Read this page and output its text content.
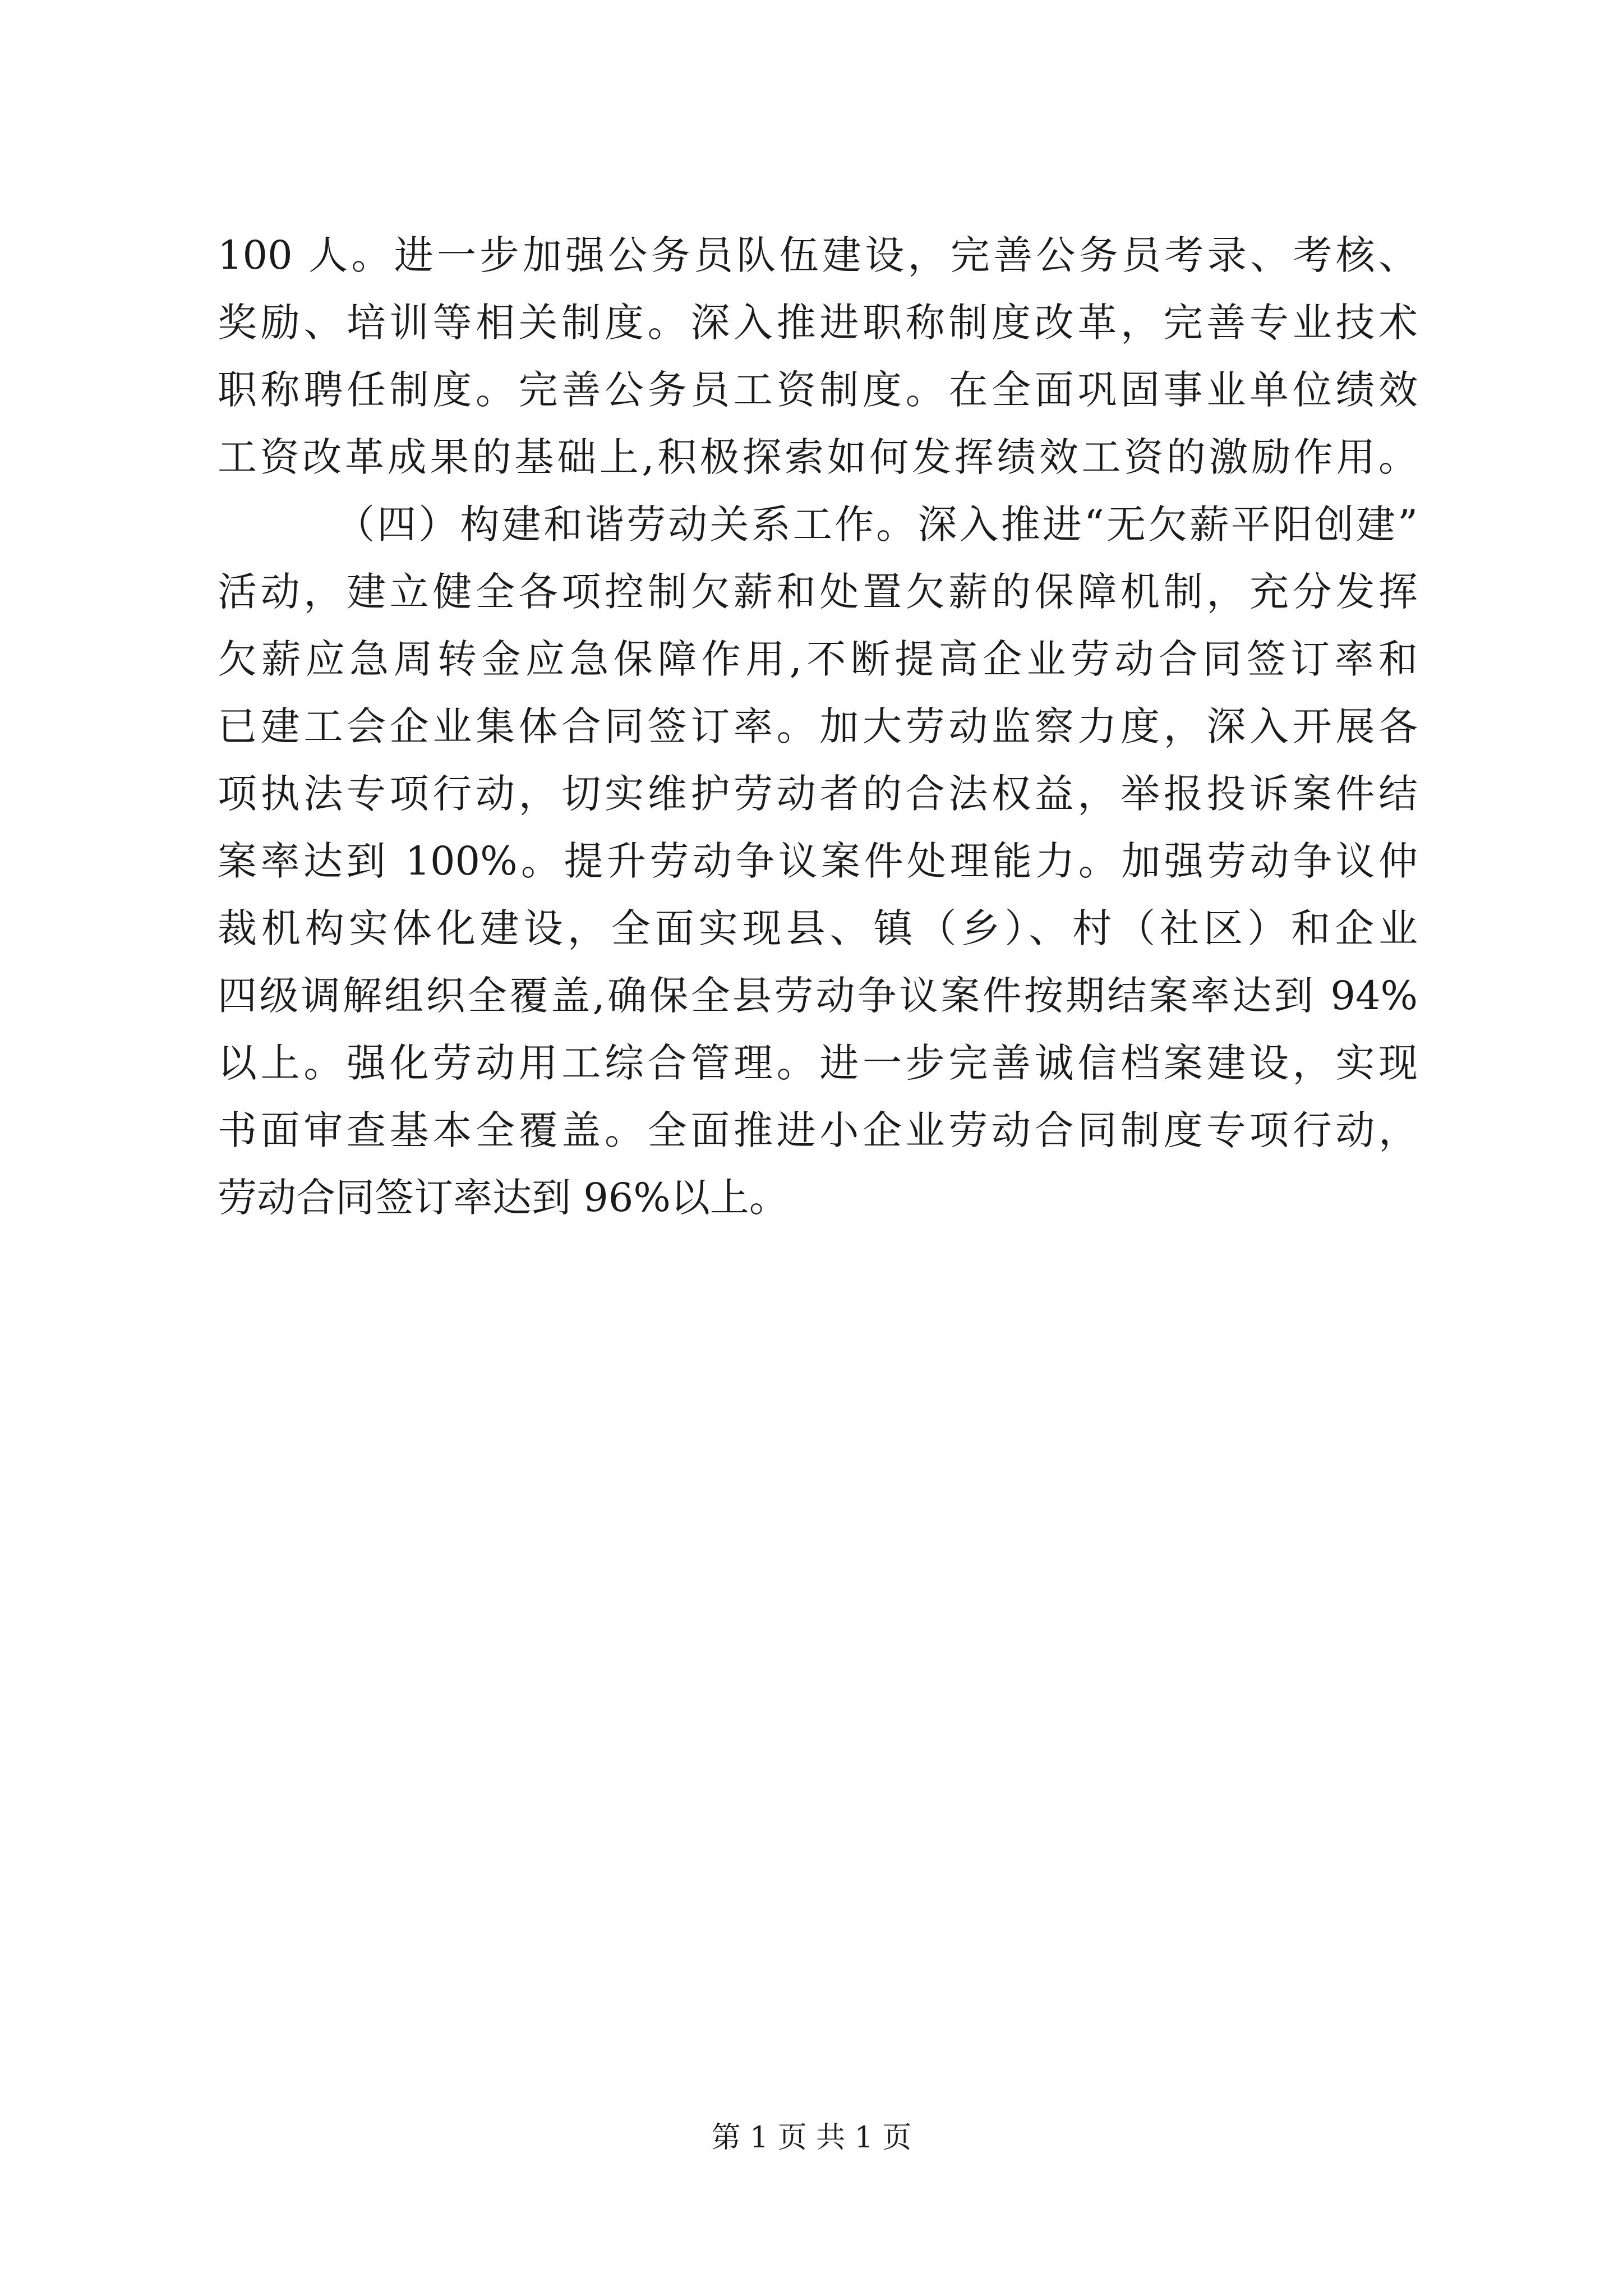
100 人。进一步加强公务员队伍建设，完善公务员考录、考核、
奖励、培训等相关制度。深入推进职称制度改革，完善专业技术
职称聘任制度。完善公务员工资制度。在全面巩固事业单位绩效
工资改革成果的基础上,积极探索如何发挥绩效工资的激励作用。
（四）构建和谐劳动关系工作。深入推进“无欠薪平阳创建”
活动，建立健全各项控制欠薪和处置欠薪的保障机制，充分发挥
欠薪应急周转金应急保障作用,不断提高企业劳动合同签订率和
已建工会企业集体合同签订率。加大劳动监察力度，深入开展各
项执法专项行动，切实维护劳动者的合法权益，举报投诉案件结
案率达到 100%。提升劳动争议案件处理能力。加强劳动争议仲
裁机构实体化建设，全面实现县、镇（乡）、村（社区）和企业
四级调解组织全覆盖,确保全县劳动争议案件按期结案率达到 94%
以上。强化劳动用工综合管理。进一步完善诚信档案建设，实现
书面审查基本全覆盖。全面推进小企业劳动合同制度专项行动，
劳动合同签订率达到 96%以上。
第 1 页 共 1 页
